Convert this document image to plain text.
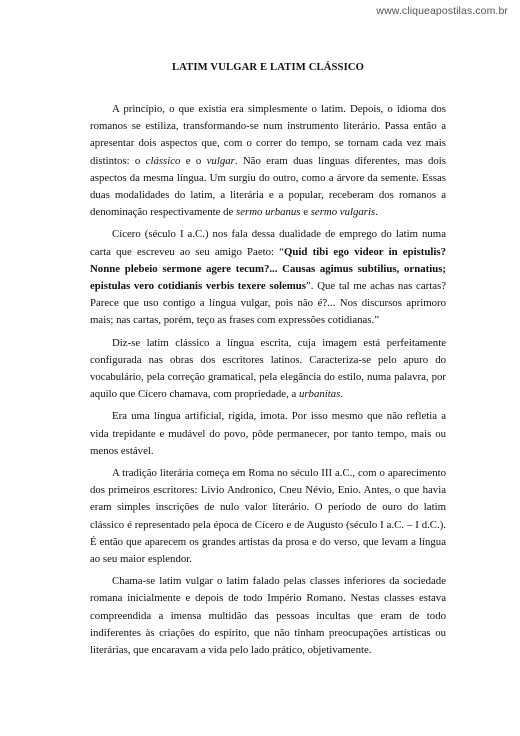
www.cliqueapostilas.com.br
LATIM VULGAR E LATIM CLÁSSICO

A princípio, o que existia era simplesmente o latim. Depois, o idioma dos romanos se estiliza, transformando-se num instrumento literário. Passa então a apresentar dois aspectos que, com o correr do tempo, se tornam cada vez mais distintos: o clássico e o vulgar. Não eram duas línguas diferentes, mas dois aspectos da mesma língua. Um surgiu do outro, como a árvore da semente. Essas duas modalidades do latim, a literária e a popular, receberam dos romanos a denominação respectivamente de sermo urbanus e sermo vulgaris.

Cícero (século I a.C.) nos fala dessa dualidade de emprego do latim numa carta que escreveu ao seu amigo Paeto: “Quid tibi ego videor in epistulis? Nonne plebeio sermone agere tecum?... Causas agimus subtilius, ornatius; epistulas vero cotidianis verbis texere solemus”. Que tal me achas nas cartas? Parece que uso contigo a língua vulgar, pois não é?... Nos discursos aprimoro mais; nas cartas, porém, teço as frases com expressões cotidianas.”

Diz-se latim clássico a língua escrita, cuja imagem está perfeitamente configurada nas obras dos escritores latinos. Caracteriza-se pelo apuro do vocabulário, pela correção gramatical, pela elegância do estilo, numa palavra, por aquilo que Cícero chamava, com propriedade, a urbanitas.

Era uma língua artificial, rígida, imota. Por isso mesmo que não refletia a vida trepidante e mudável do povo, pôde permanecer, por tanto tempo, mais ou menos estável.

A tradição literária começa em Roma no século III a.C., com o aparecimento dos primeiros escritores: Lívio Andronico, Cneu Névio, Enio. Antes, o que havia eram simples inscrições de nulo valor literário. O período de ouro do latim clássico é representado pela época de Cícero e de Augusto (século I a.C. – I d.C.). É então que aparecem os grandes artistas da prosa e do verso, que levam a língua ao seu maior esplendor.

Chama-se latim vulgar o latim falado pelas classes inferiores da sociedade romana inicialmente e depois de todo Império Romano. Nestas classes estava compreendida a imensa multidão das pessoas incultas que eram de todo indiferentes às criações do espírito, que não tinham preocupações artísticas ou literárias, que encaravam a vida pelo lado prático, objetivamente.
